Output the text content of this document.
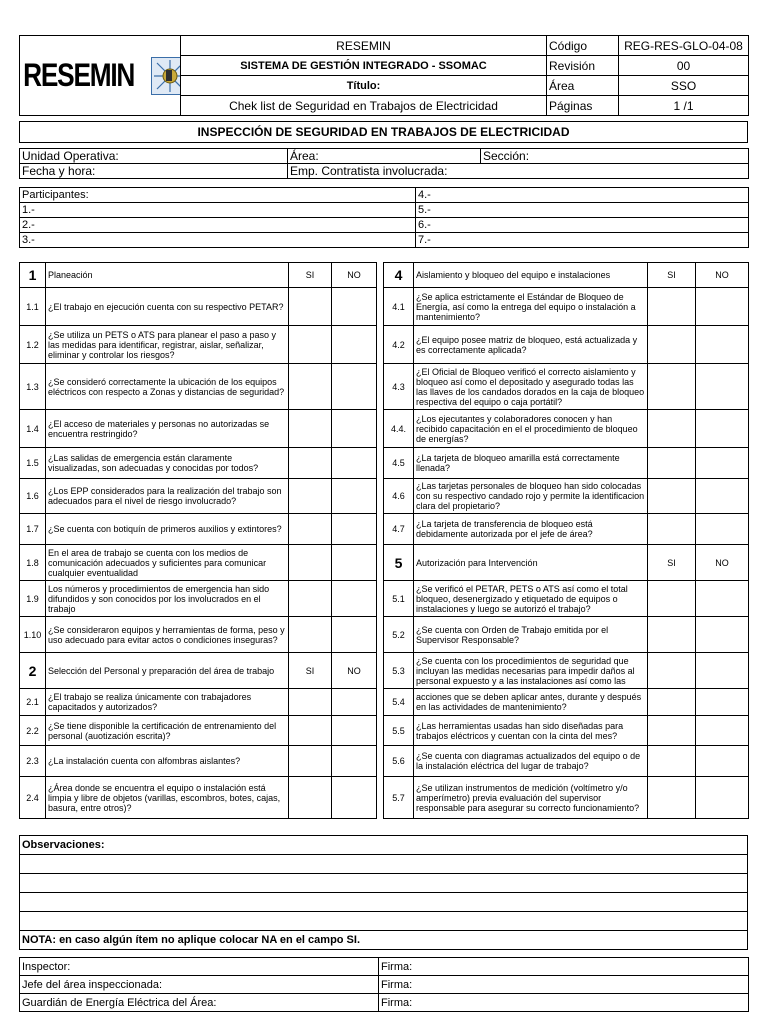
RESEMIN	RESEMIN	Código	REG-RES-GLO-04-08
	SISTEMA DE GESTIÓN INTEGRADO - SSOMAC	Revisión	00
	Título:	Área	SSO
	Chek list de Seguridad en Trabajos de Electricidad	Páginas	1 /1
INSPECCIÓN DE SEGURIDAD EN TRABAJOS DE ELECTRICIDAD
Unidad Operativa:	Área:	Sección:
Fecha y hora:	Emp. Contratista involucrada:	
Participantes:	4.-
1.-	5.-
2.-	6.-
3.-	7.-
1	Planeación	SI	NO		4	Aislamiento y bloqueo del equipo e instalaciones	SI	NO
1.1	¿El trabajo en ejecución cuenta con su respectivo PETAR?				4.1	¿Se aplica estrictamente el Estándar de Bloqueo de Energía, así como la entrega del equipo o instalación a mantenimiento?		
1.2	¿Se utiliza un PETS o ATS para planear el paso a paso y las medidas para identificar, registrar, aislar, señalizar, eliminar y controlar los riesgos?				4.2	¿El equipo posee matriz de bloqueo, está actualizada y es correctamente aplicada?		
1.3	¿Se consideró correctamente la ubicación de los equipos eléctricos con respecto a Zonas y distancias de seguridad?				4.3	¿El Oficial de Bloqueo verificó el correcto aislamiento y bloqueo así como el depositado y asegurado todas las las llaves de los candados dorados en la caja de bloqueo respectiva del equipo o caja portátil?		
1.4	¿El acceso de materiales y personas no autorizadas se encuentra restringido?				4.4.	¿Los ejecutantes y colaboradores conocen y han recibido capacitación en el el procedimiento de bloqueo de energías?		
1.5	¿Las salidas de emergencia están claramente visualizadas, son adecuadas y conocidas por todos?				4.5	¿La tarjeta de bloqueo amarilla está correctamente llenada?		
1.6	¿Los EPP considerados para la realización del trabajo son adecuados para el nivel de riesgo involucrado?				4.6	¿Las tarjetas personales de bloqueo han sido colocadas con su respectivo candado rojo y permite la identificacion clara del propietario?		
1.7	¿Se cuenta con botiquín de primeros auxilios y extintores?				4.7	¿La tarjeta de transferencia de bloqueo está debidamente autorizada por el jefe de área?		
1.8	En el area de trabajo se cuenta con los medios de comunicación adecuados y suficientes para comunicar cualquier eventualidad				5	Autorización para Intervención	SI	NO
1.9	Los números y procedimientos de emergencia han sido difundidos y son conocidos por los involucrados en el trabajo				5.1	¿Se verificó el PETAR, PETS o ATS así como el total bloqueo, desenergizado y etiquetado de equipos o instalaciones y luego se autorizó el trabajo?		
1.10	¿Se consideraron equipos y herramientas de forma, peso y uso adecuado para evitar actos o condiciones inseguras?				5.2	¿Se cuenta con Orden de Trabajo emitida por el Supervisor Responsable?		
2	Selección del Personal y preparación del área de trabajo	SI	NO		5.3	¿Se cuenta con los procedimientos de seguridad que incluyan las medidas necesarias para impedir daños al personal expuesto y a las instalaciones así como las		
2.1	¿El trabajo se realiza únicamente con trabajadores capacitados y autorizados?				5.4	acciones que se deben aplicar antes, durante y después en las actividades de mantenimiento?		
2.2	¿Se tiene disponible la certificación de entrenamiento del personal (auotización escrita)?				5.5	¿Las herramientas usadas han sido diseñadas para trabajos eléctricos y cuentan con la cinta del mes?		
2.3	¿La instalación cuenta con alfombras aislantes?				5.6	¿Se cuenta con diagramas actualizados del equipo o de la instalación eléctrica del lugar de trabajo?		
2.4	¿Área donde se encuentra el equipo o instalación está limpia y libre de objetos (varillas, escombros, botes, cajas, basura, entre otros)?				5.7	¿Se utilizan instrumentos de medición (voltímetro y/o amperímetro) previa evaluación del supervisor responsable para asegurar su correcto funcionamiento?		
Observaciones:

NOTA: en caso algún ítem no aplique colocar NA en el campo SI.
Inspector:	Firma:
Jefe del área inspeccionada:	Firma:
Guardián de Energía Eléctrica del Área:	Firma:
